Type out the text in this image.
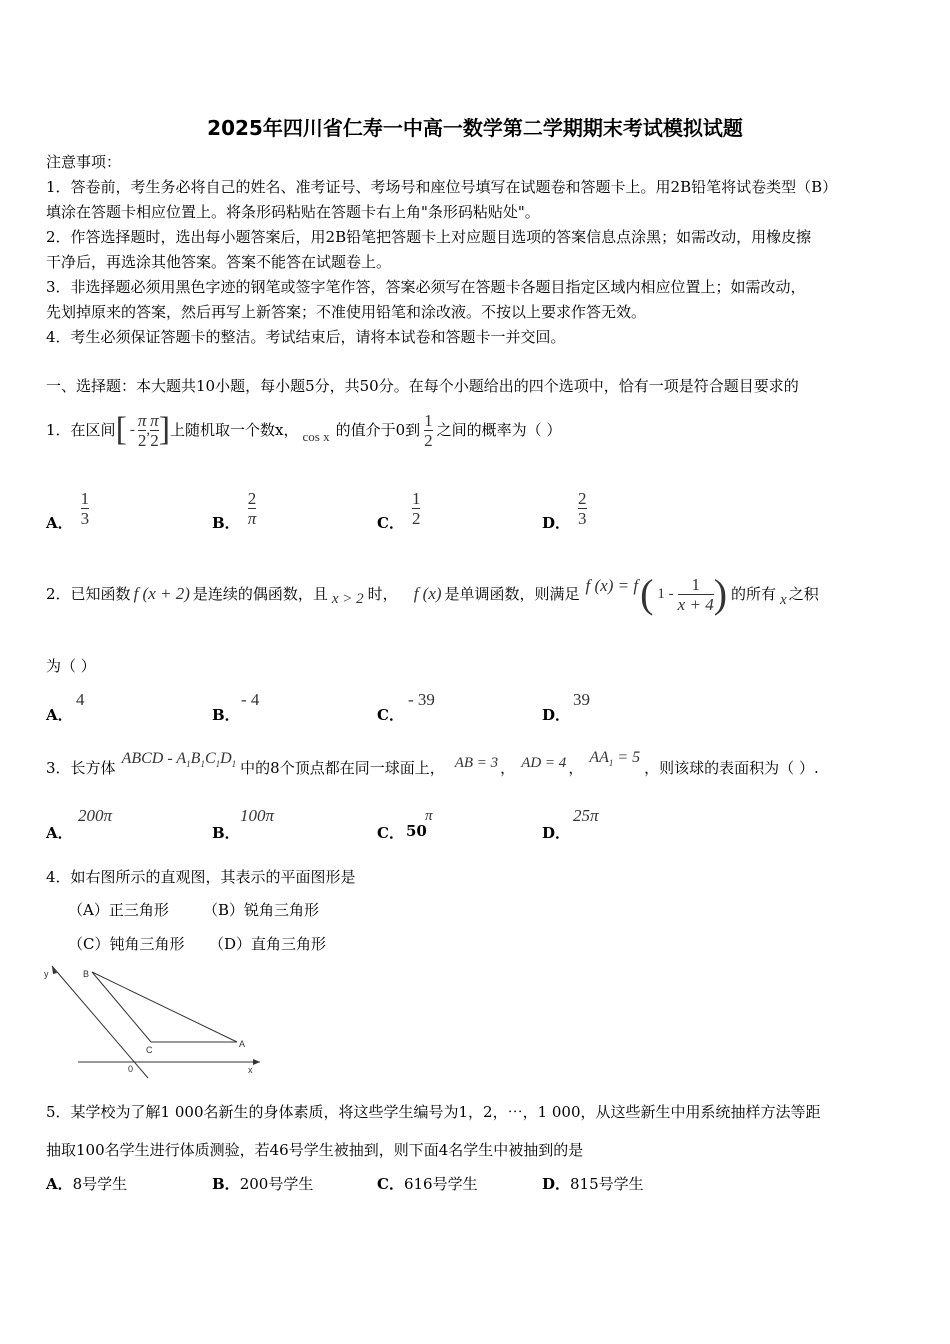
2025年四川省仁寿一中高一数学第二学期期末考试模拟试题
注意事项：
1．答卷前，考生务必将自己的姓名、准考证号、考场号和座位号填写在试题卷和答题卡上。用2B铅笔将试卷类型（B）
填涂在答题卡相应位置上。将条形码粘贴在答题卡右上角"条形码粘贴处"。
2．作答选择题时，选出每小题答案后，用2B铅笔把答题卡上对应题目选项的答案信息点涂黑；如需改动，用橡皮擦
干净后，再选涂其他答案。答案不能答在试题卷上。
3．非选择题必须用黑色字迹的钢笔或签字笔作答，答案必须写在答题卡各题目指定区域内相应位置上；如需改动，
先划掉原来的答案，然后再写上新答案；不准使用铅笔和涂改液。不按以上要求作答无效。
4．考生必须保证答题卡的整洁。考试结束后，请将本试卷和答题卡一并交回。
一、选择题：本大题共10小题，每小题5分，共50分。在每个小题给出的四个选项中，恰有一项是符合题目要求的
1． 在区间 [ - $\frac{\pi}{2}$ , $\frac{\pi}{2}$ ] 上随机取一个数x， cos x 的值介于0到 $\frac{1}{2}$ 之间的概率为（ ）
A． $\frac{1}{3}$	B． $\frac{2}{\pi}$	C． $\frac{1}{2}$	D． $\frac{2}{3}$
2． 已知函数 f (x + 2) 是连续的偶函数，且 x > 2 时， f (x) 是单调函数，则满足 f (x) = f ( $1 - \frac{1}{x + 4}$ ) 的所有 x 之积
为（ ）
A．
4
B．
- 4
C．
- 39
D．
39
3． 长方体
ABCD - $A_1B_1C_1D_1$ 中的8个顶点都在同一球面上， AB = 3 ， AD = 4 ，
$AA_1 = 5$
，则该球的表面积为（ ）.
A．
200π
B．
100π
C． 50
π
D．
25π
4．如右图所示的直观图，其表示的平面图形是
（A）正三角形 （B）锐角三角形
（C）钝角三角形 （D）直角三角形
y	B
C
A
0	x
5．某学校为了解1 000名新生的身体素质，将这些学生编号为1，2，⋯，1 000，从这些新生中用系统抽样方法等距
抽取100名学生进行体质测验，若46号学生被抽到，则下面4名学生中被抽到的是
A．8号学生	B．200号学生	C．616号学生	D．815号学生
